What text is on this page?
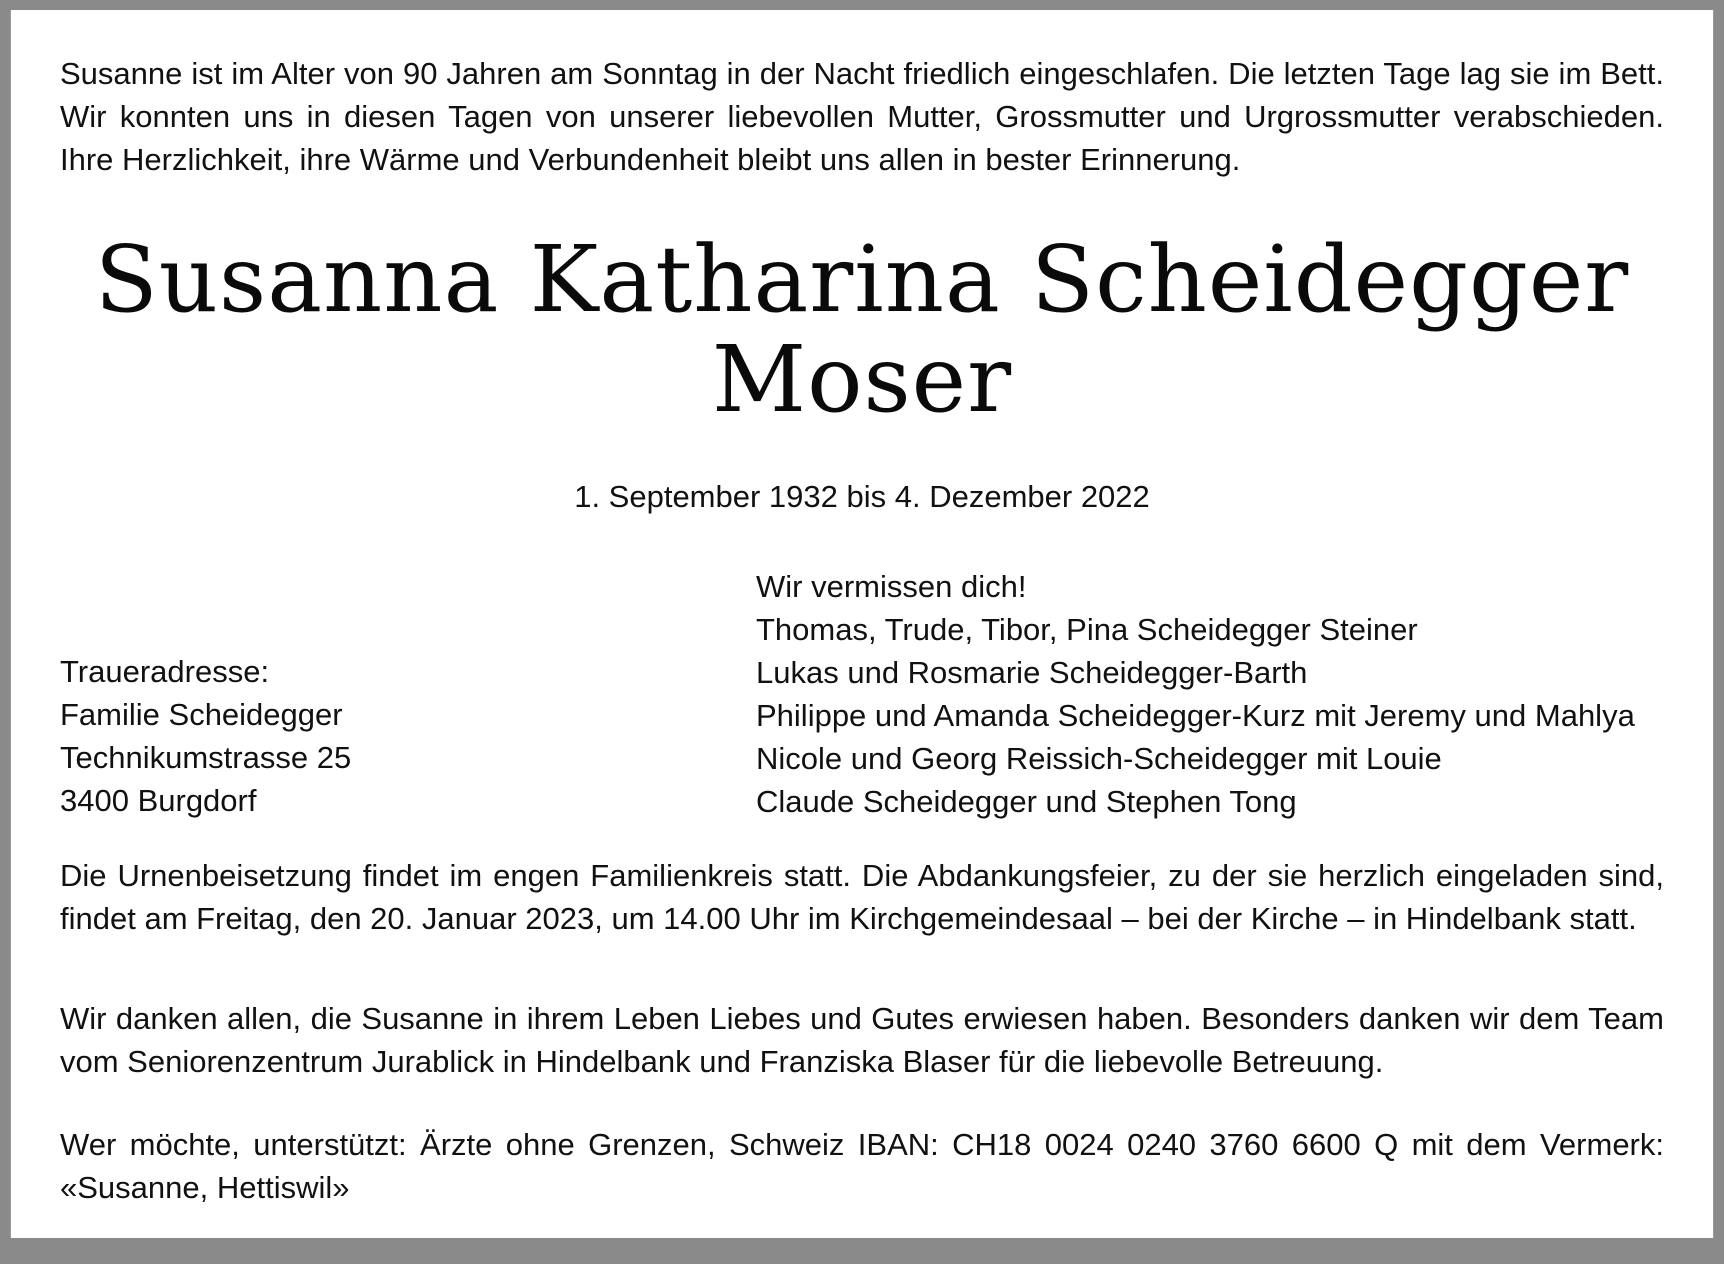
Susanne ist im Alter von 90 Jahren am Sonntag in der Nacht friedlich eingeschlafen. Die letzten Tage lag sie im Bett. Wir konnten uns in diesen Tagen von unserer liebevollen Mutter, Grossmutter und Urgrossmutter verabschieden. Ihre Herzlichkeit, ihre Wärme und Verbundenheit bleibt uns allen in bester Erinnerung.

Susanna Katharina Scheidegger
Moser
1. September 1932 bis 4. Dezember 2022
Wir vermissen dich!
Thomas, Trude, Tibor, Pina Scheidegger Steiner
Lukas und Rosmarie Scheidegger-Barth
Philippe und Amanda Scheidegger-Kurz mit Jeremy und Mahlya
Nicole und Georg Reissich-Scheidegger mit Louie
Claude Scheidegger und Stephen Tong
Traueradresse:
Familie Scheidegger
Technikumstrasse 25
3400 Burgdorf

Die Urnenbeisetzung findet im engen Familienkreis statt. Die Abdankungsfeier, zu der sie herzlich eingeladen sind, findet am Freitag, den 20. Januar 2023, um 14.00 Uhr im Kirchgemeindesaal – bei der Kirche – in Hindelbank statt.

Wir danken allen, die Susanne in ihrem Leben Liebes und Gutes erwiesen haben. Besonders danken wir dem Team vom Seniorenzentrum Jurablick in Hindelbank und Franziska Blaser für die liebevolle Betreuung.

Wer möchte, unterstützt: Ärzte ohne Grenzen, Schweiz IBAN: CH18 0024 0240 3760 6600 Q mit dem Vermerk: «Susanne, Hettiswil»
